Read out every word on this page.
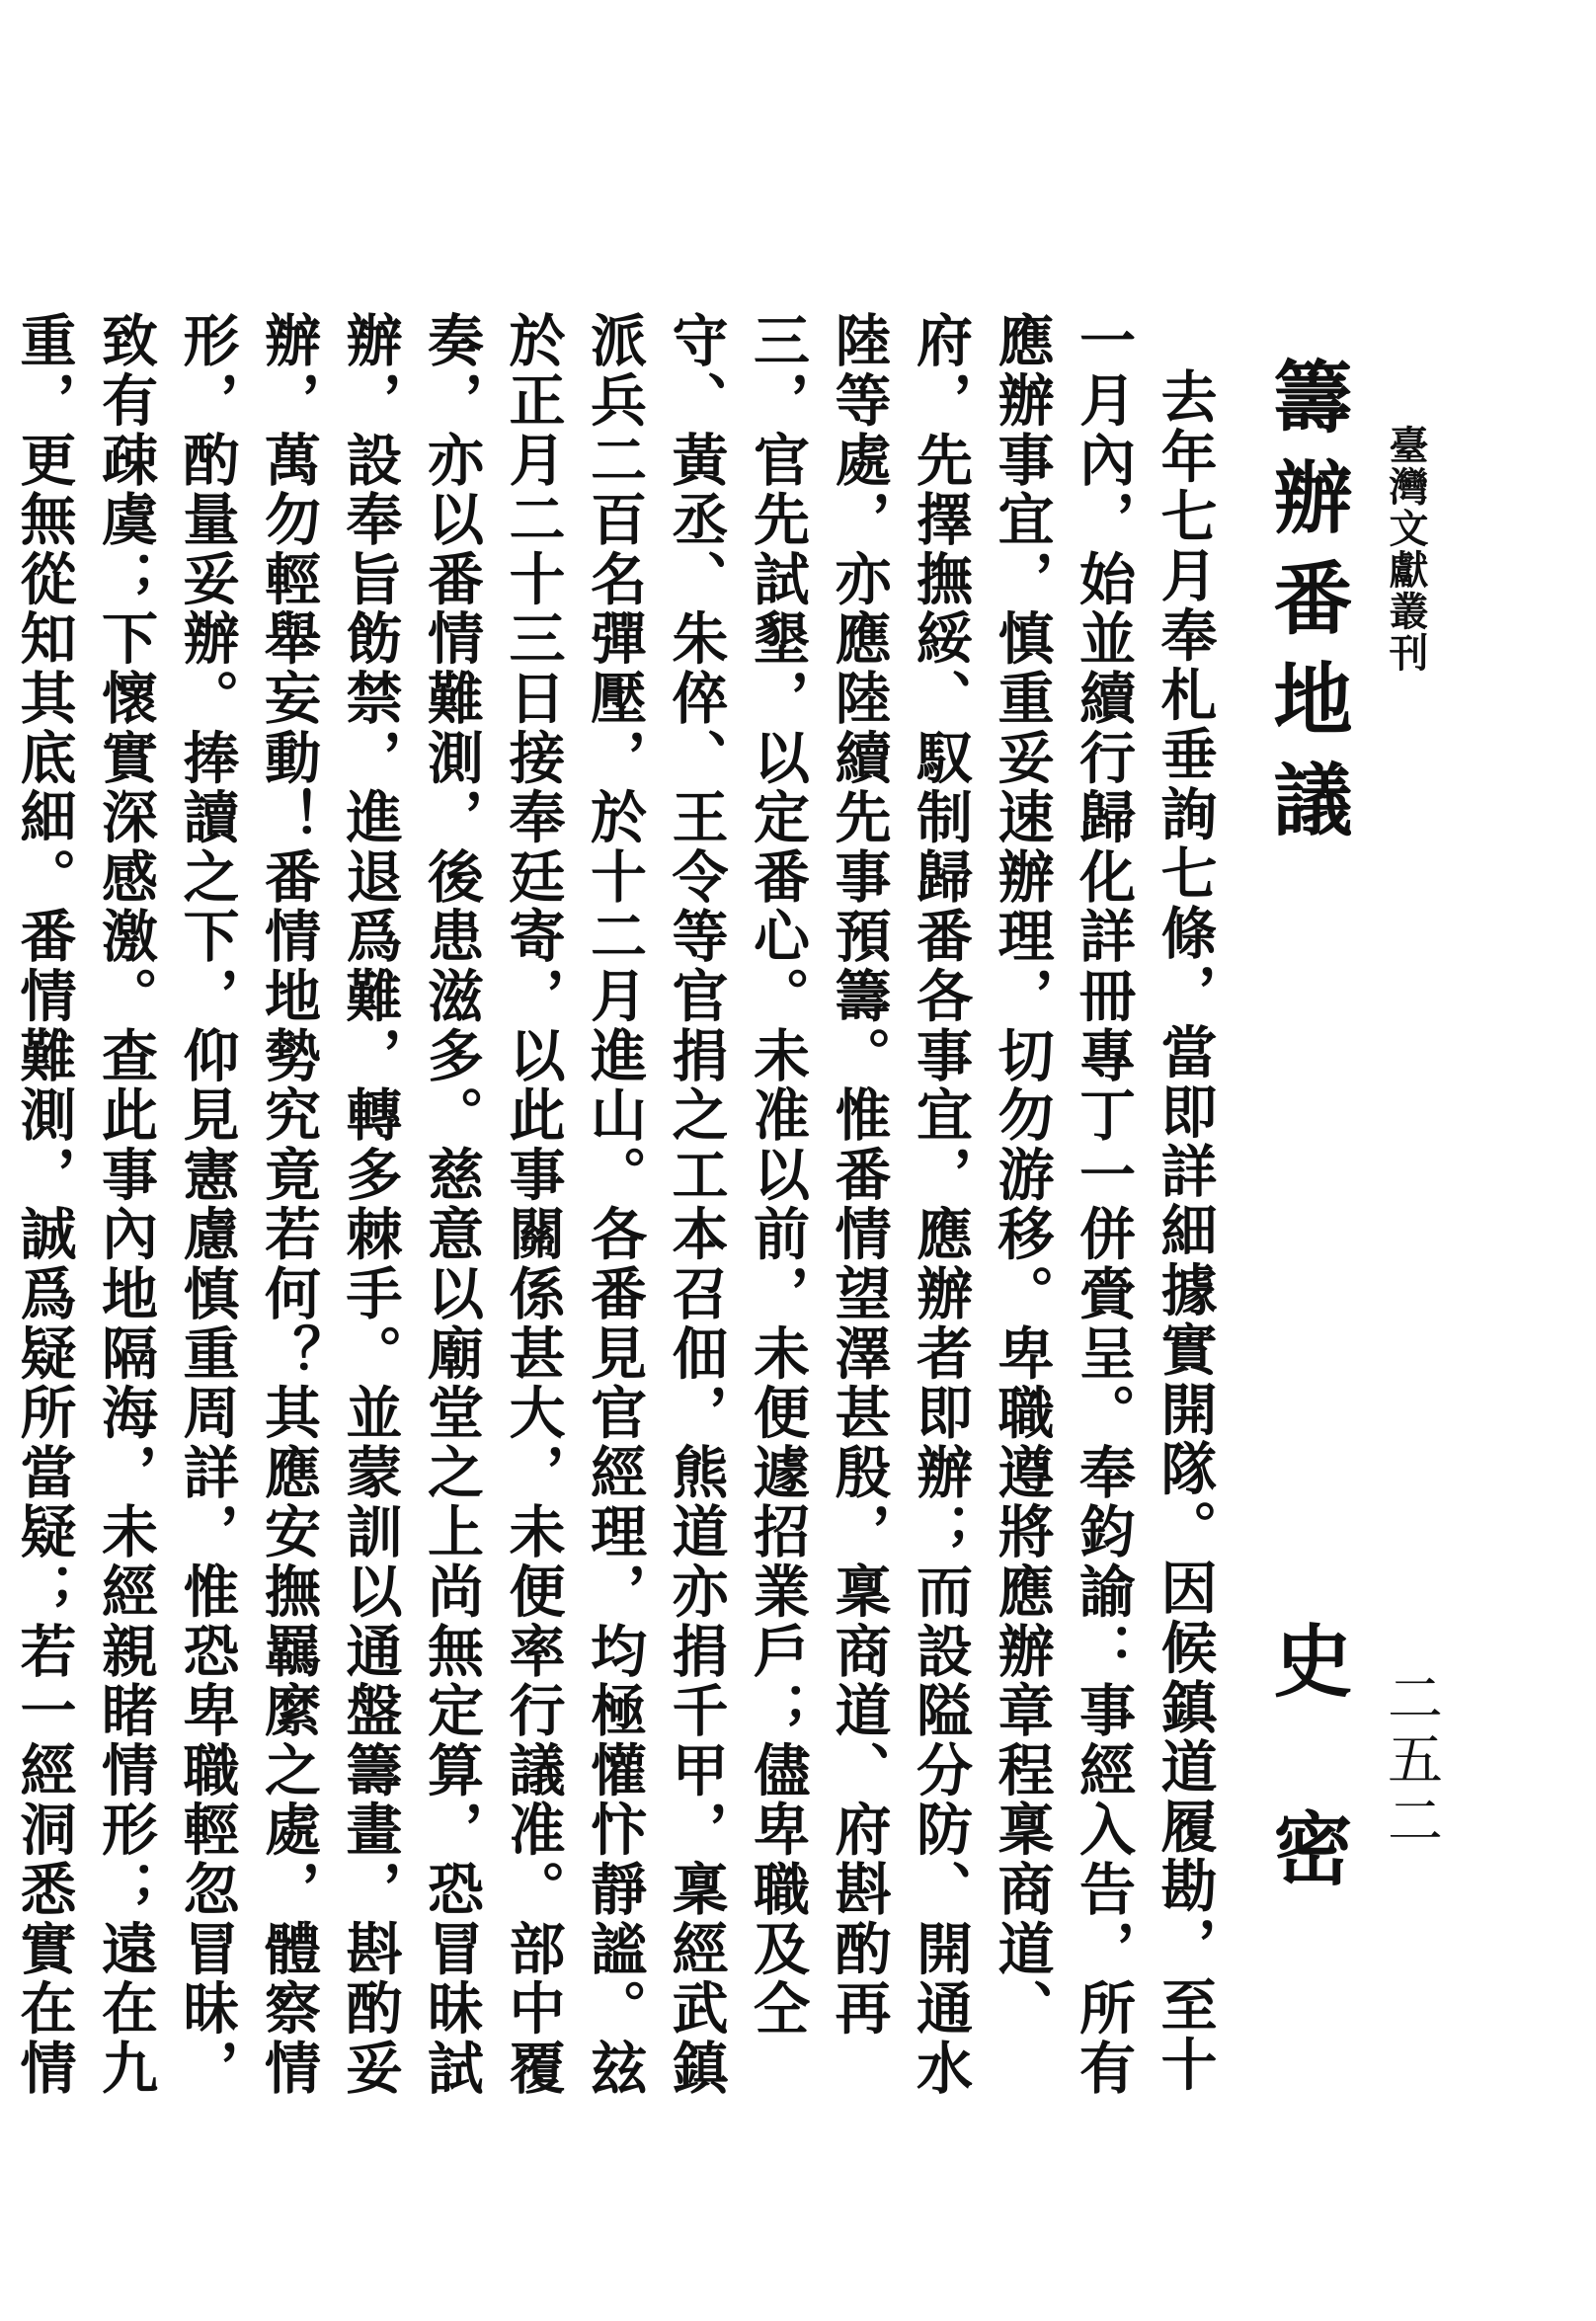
臺灣文獻叢刊
二五二
籌辦番地議
史密

去年七月奉札垂詢七條，當即詳細據實開隊。因候鎮道履勘，至十一月內，始並續行歸化詳冊專丁一併賫呈。奉鈞諭：事經入告，所有應辦事宜，慎重妥速辦理，切勿游移。卑職遵將應辦章程稟商道、府，先擇撫綏、馭制歸番各事宜，應辦者即辦；而設隘分防、開通水陸等處，亦應陸續先事預籌。惟番情望澤甚殷，稟商道、府斟酌再三，官先試墾，以定番心。未准以前，未便遽招業戶；儘卑職及仝守、黃丞、朱倅、王令等官捐之工本召佃，熊道亦捐千甲，稟經武鎮派兵二百名彈壓，於十二月進山。各番見官經理，均極懽忭靜謐。玆於正月二十三日接奉廷寄，以此事關係甚大，未便率行議准。部中覆奏，亦以番情難測，後患滋多。慈意以廟堂之上尚無定算，恐冒昧試辦，設奉旨飭禁，進退爲難，轉多棘手。並蒙訓以通盤籌畫，斟酌妥辦，萬勿輕舉妄動！番情地勢究竟若何？其應安撫羈縻之處，體察情形，酌量妥辦。捧讀之下，仰見憲慮慎重周詳，惟恐卑職輕忽冒昧，致有疎虞；下懷實深感激。查此事內地隔海，未經親睹情形；遠在九重，更無從知其底細。番情難測，誠爲疑所當疑；若一經洞悉實在情
